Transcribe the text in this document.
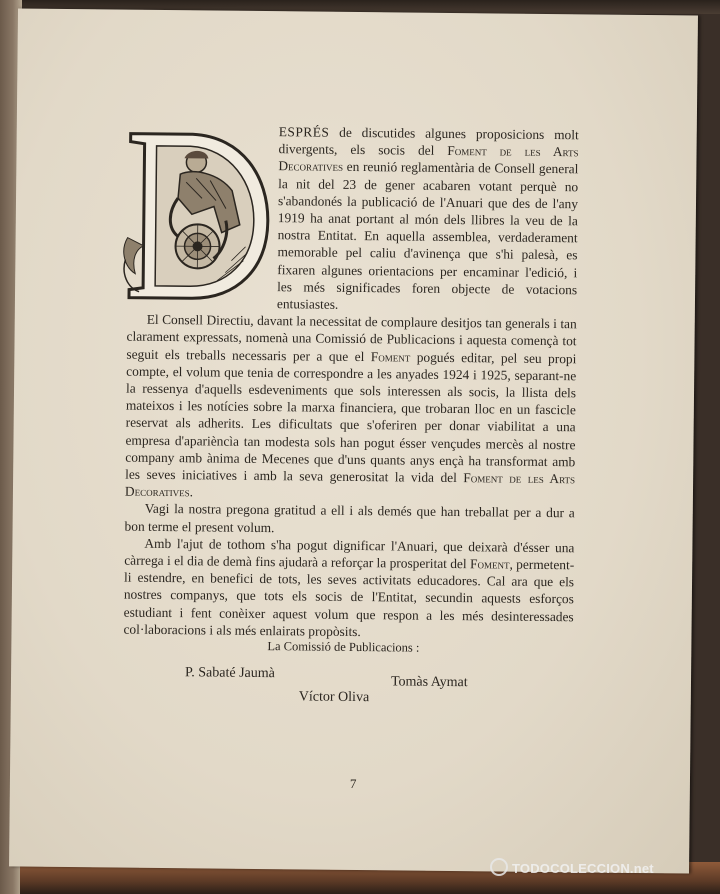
ESPRÉS de discutides algunes proposicions molt divergents, els socis del Foment de les Arts Decoratives en reunió reglamentària de Consell general la nit del 23 de gener acabaren votant perquè no s'abandonés la publicació de l'Anuari que des de l'any 1919 ha anat portant al món dels llibres la veu de la nostra Entitat. En aquella assemblea, verdaderament memorable pel caliu d'avinença que s'hi palesà, es fixaren algunes orientacions per encaminar l'edició, i les més significades foren objecte de votacions entusiastes.

El Consell Directiu, davant la necessitat de complaure desitjos tan generals i tan clarament expressats, nomenà una Comissió de Publicacions i aquesta començà tot seguit els treballs necessaris per a que el Foment pogués editar, pel seu propi compte, el volum que tenia de correspondre a les anyades 1924 i 1925, separant-ne la ressenya d'aquells esdeveniments que sols interessen als socis, la llista dels mateixos i les notícies sobre la marxa financiera, que trobaran lloc en un fascicle reservat als adherits. Les dificultats que s'oferiren per donar viabilitat a una empresa d'aparièncìa tan modesta sols han pogut ésser vençudes mercès al nostre company amb ànima de Mecenes que d'uns quants anys ençà ha transformat amb les seves iniciatives i amb la seva generositat la vida del Foment de les Arts Decoratives.

Vagi la nostra pregona gratitud a ell i als demés que han treballat per a dur a bon terme el present volum.

Amb l'ajut de tothom s'ha pogut dignificar l'Anuari, que deixarà d'ésser una càrrega i el dia de demà fins ajudarà a reforçar la prosperitat del Foment, permetent-li estendre, en benefici de tots, les seves activitats educadores. Cal ara que els nostres companys, que tots els socis de l'Entitat, secundin aquests esforços estudiant i fent conèixer aquest volum que respon a les més desinteressades col·laboracions i als més enlairats propòsits.

La Comissió de Publicacions :
P. Sabaté Jaumà
Tomàs Aymat
Víctor Oliva
7
TODOCOLECCION.net
